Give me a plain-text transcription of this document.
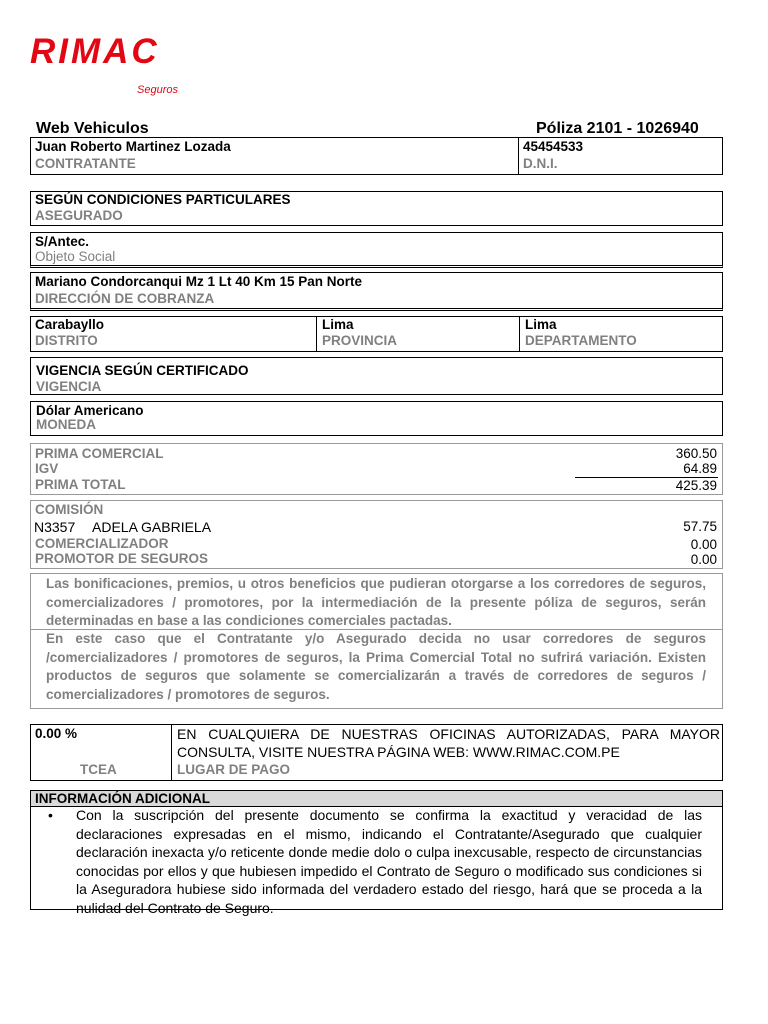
RIMAC
Seguros
Web Vehiculos	Póliza 2101 - 1026940
Juan Roberto Martinez Lozada
CONTRATANTE
45454533
D.N.I.
SEGÚN CONDICIONES PARTICULARES
ASEGURADO
S/Antec.
Objeto Social
Mariano Condorcanqui Mz 1 Lt 40 Km 15 Pan Norte
DIRECCIÓN DE COBRANZA
Carabayllo
DISTRITO
Lima
PROVINCIA
Lima
DEPARTAMENTO
VIGENCIA SEGÚN CERTIFICADO
VIGENCIA
Dólar Americano
MONEDA
PRIMA COMERCIAL	360.50
IGV	64.89
PRIMA TOTAL	425.39
COMISIÓN
N3357 ADELA GABRIELA	57.75
COMERCIALIZADOR	0.00
PROMOTOR DE SEGUROS	0.00
Las bonificaciones, premios, u otros beneficios que pudieran otorgarse a los corredores de seguros, comercializadores / promotores, por la intermediación de la presente póliza de seguros, serán determinadas en base a las condiciones comerciales pactadas.
En este caso que el Contratante y/o Asegurado decida no usar corredores de seguros /comercializadores / promotores de seguros, la Prima Comercial Total no sufrirá variación. Existen productos de seguros que solamente se comercializarán a través de corredores de seguros / comercializadores / promotores de seguros.
0.00 %
TCEA
EN CUALQUIERA DE NUESTRAS OFICINAS AUTORIZADAS, PARA MAYOR CONSULTA, VISITE NUESTRA PÁGINA WEB: WWW.RIMAC.COM.PE
LUGAR DE PAGO
INFORMACIÓN ADICIONAL
• Con la suscripción del presente documento se confirma la exactitud y veracidad de las declaraciones expresadas en el mismo, indicando el Contratante/Asegurado que cualquier declaración inexacta y/o reticente donde medie dolo o culpa inexcusable, respecto de circunstancias conocidas por ellos y que hubiesen impedido el Contrato de Seguro o modificado sus condiciones si la Aseguradora hubiese sido informada del verdadero estado del riesgo, hará que se proceda a la nulidad del Contrato de Seguro.
